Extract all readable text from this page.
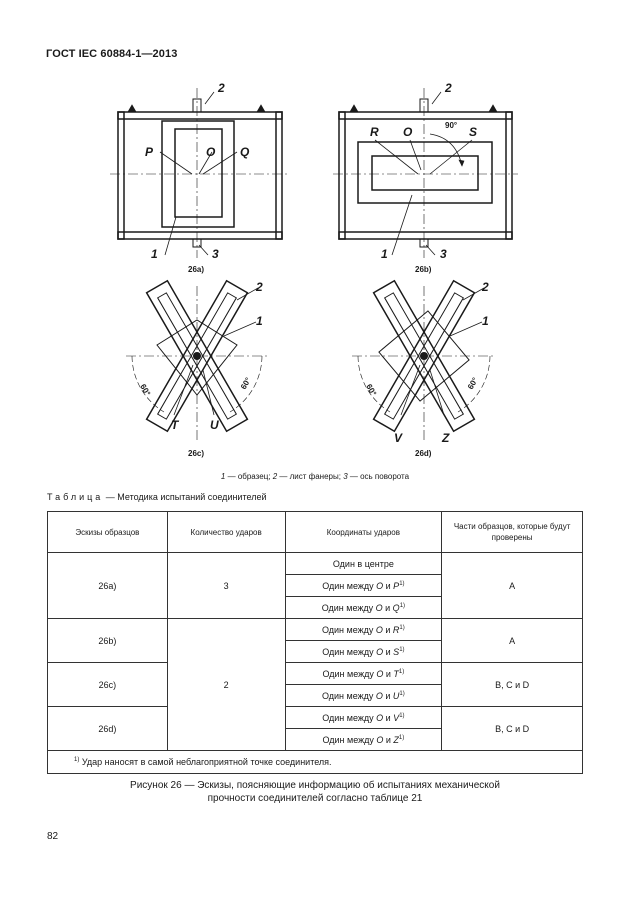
ГОСТ IEC 60884-1—2013
2
P	O Q
1	3
26a)
2
R O	90° S
1	3
26b)
2
1
60°	60°
T	U
26c)
2
1
60°	60°
V	Z
26d)
1 — образец; 2 — лист фанеры; 3 — ось поворота
Таблица — Методика испытаний соединителей
Эскизы образцов	Количество ударов	Координаты ударов	Части образцов, которые будут проверены
26a)	3	Один в центре	A
		Один между O и $P^{1)}$
		Один между O и $Q^{1)}$
26b)	2	Один между O и $R^{1)}$	A
		Один между O и $S^{1)}$
26c)		Один между O и $T^{1)}$	B, C и D
		Один между O и $U^{1)}$
26d)		Один между O и $V^{1)}$	B, C и D
		Один между O и $Z^{1)}$
$^{1)}$ Удар наносят в самой неблагоприятной точке соединителя.			
Рисунок 26 — Эскизы, поясняющие информацию об испытаниях механической
прочности соединителей согласно таблице 21
82
